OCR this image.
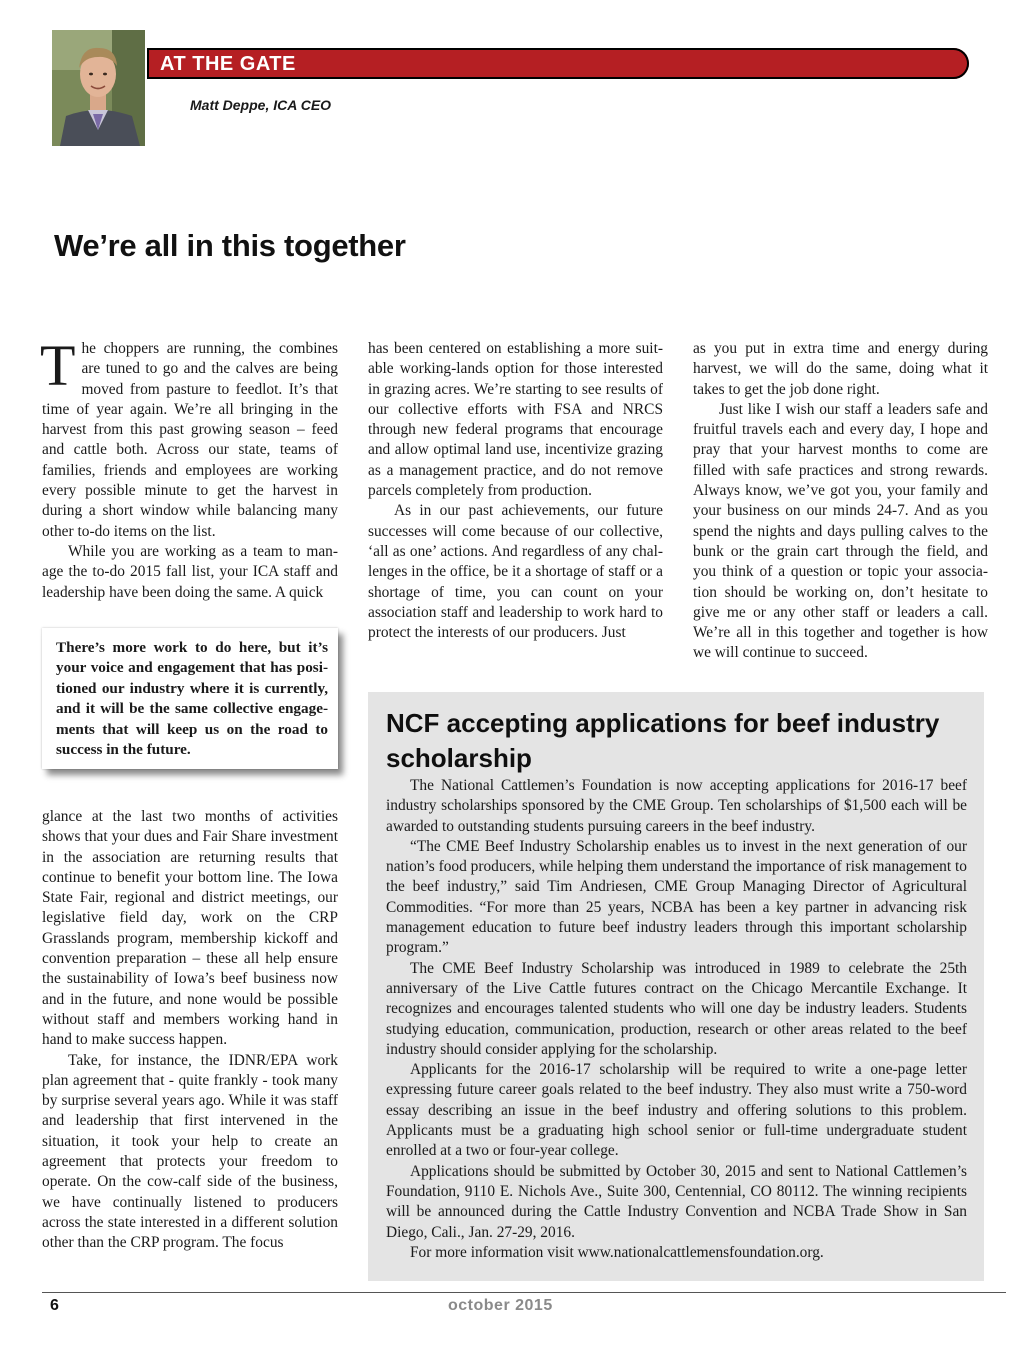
AT THE GATE
Matt Deppe, ICA CEO
We’re all in this together

The choppers are running, the combines are tuned to go and the calves are being moved from pasture to feedlot. It’s that time of year again. We’re all bringing in the harvest from this past growing season – feed and cattle both. Across our state, teams of families, friends and employees are working every possible minute to get the harvest in during a short window while balancing many other to-do items on the list.

While you are working as a team to manage the to-do 2015 fall list, your ICA staff and leadership have been doing the same. A quick

There’s more work to do here, but it’s your voice and engagement that has positioned our industry where it is currently, and it will be the same collective engagements that will keep us on the road to success in the future.

glance at the last two months of activities shows that your dues and Fair Share investment in the association are returning results that continue to benefit your bottom line. The Iowa State Fair, regional and district meetings, our legislative field day, work on the CRP Grasslands program, membership kickoff and convention preparation – these all help ensure the sustainability of Iowa’s beef business now and in the future, and none would be possible without staff and members working hand in hand to make success happen.

Take, for instance, the IDNR/EPA work plan agreement that - quite frankly - took many by surprise several years ago. While it was staff and leadership that first intervened in the situation, it took your help to create an agreement that protects your freedom to operate. On the cow-calf side of the business, we have continually listened to producers across the state interested in a different solution other than the CRP program. The focus

has been centered on establishing a more suitable working-lands option for those interested in grazing acres. We’re starting to see results of our collective efforts with FSA and NRCS through new federal programs that encourage and allow optimal land use, incentivize grazing as a management practice, and do not remove parcels completely from production.

As in our past achievements, our future successes will come because of our collective, ‘all as one’ actions. And regardless of any challenges in the office, be it a shortage of staff or a shortage of time, you can count on your association staff and leadership to work hard to protect the interests of our producers. Just

as you put in extra time and energy during harvest, we will do the same, doing what it takes to get the job done right.

Just like I wish our staff a leaders safe and fruitful travels each and every day, I hope and pray that your harvest months to come are filled with safe practices and strong rewards. Always know, we’ve got you, your family and your business on our minds 24-7. And as you spend the nights and days pulling calves to the bunk or the grain cart through the field, and you think of a question or topic your association should be working on, don’t hesitate to give me or any other staff or leaders a call. We’re all in this together and together is how we will continue to succeed.

NCF accepting applications for beef industry scholarship

The National Cattlemen’s Foundation is now accepting applications for 2016-17 beef industry scholarships sponsored by the CME Group. Ten scholarships of $1,500 each will be awarded to outstanding students pursuing careers in the beef industry.

“The CME Beef Industry Scholarship enables us to invest in the next generation of our nation’s food producers, while helping them understand the importance of risk management to the beef industry,” said Tim Andriesen, CME Group Managing Director of Agricultural Commodities. “For more than 25 years, NCBA has been a key partner in advancing risk management education to future beef industry leaders through this important scholarship program.”

The CME Beef Industry Scholarship was introduced in 1989 to celebrate the 25th anniversary of the Live Cattle futures contract on the Chicago Mercantile Exchange. It recognizes and encourages talented students who will one day be industry leaders. Students studying education, communication, production, research or other areas related to the beef industry should consider applying for the scholarship.

Applicants for the 2016-17 scholarship will be required to write a one-page letter expressing future career goals related to the beef industry. They also must write a 750-word essay describing an issue in the beef industry and offering solutions to this problem. Applicants must be a graduating high school senior or full-time undergraduate student enrolled at a two or four-year college.

Applications should be submitted by October 30, 2015 and sent to National Cattlemen’s Foundation, 9110 E. Nichols Ave., Suite 300, Centennial, CO 80112. The winning recipients will be announced during the Cattle Industry Convention and NCBA Trade Show in San Diego, Cali., Jan. 27-29, 2016.

For more information visit www.nationalcattlemensfoundation.org.

6	october 2015
